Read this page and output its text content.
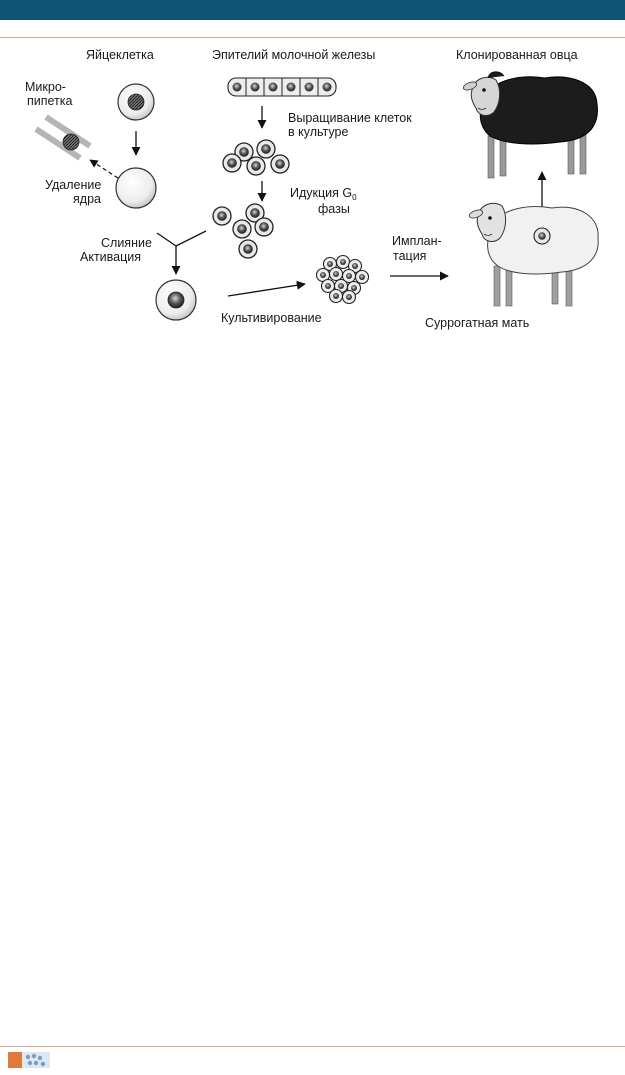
Яйцеклетка	Эпителий молочной железы	Клонированная овца
Микро-
пипетка
Удаление
ядра
Выращивание клеток
в культуре
Идукция $G_0$
фазы
Слияние
Активация
Имплан-
тация
Культивирование	Суррогатная мать
